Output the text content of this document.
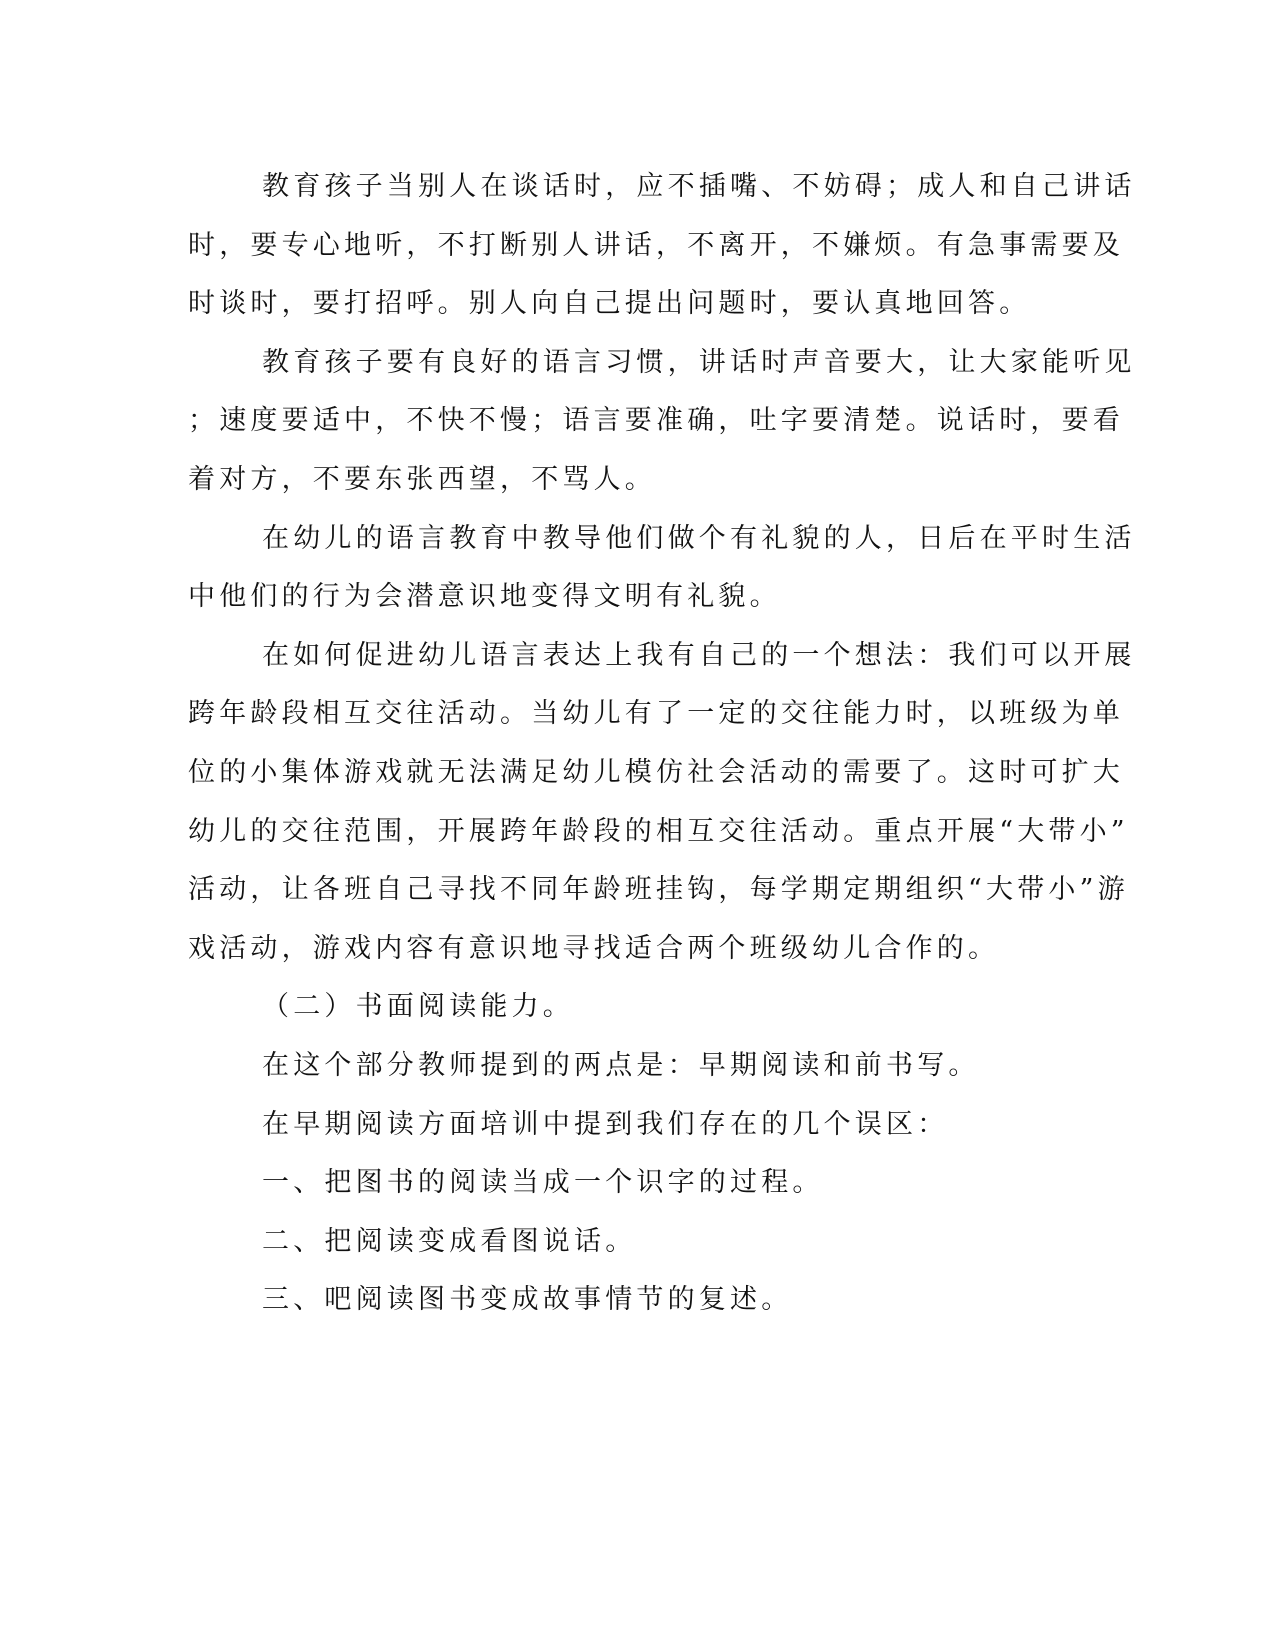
教育孩子当别人在谈话时，应不插嘴、不妨碍；成人和自己讲话
时，要专心地听，不打断别人讲话，不离开，不嫌烦。有急事需要及
时谈时，要打招呼。别人向自己提出问题时，要认真地回答。
教育孩子要有良好的语言习惯，讲话时声音要大，让大家能听见
；速度要适中，不快不慢；语言要准确，吐字要清楚。说话时，要看
着对方，不要东张西望，不骂人。
在幼儿的语言教育中教导他们做个有礼貌的人，日后在平时生活
中他们的行为会潜意识地变得文明有礼貌。
在如何促进幼儿语言表达上我有自己的一个想法：我们可以开展
跨年龄段相互交往活动。当幼儿有了一定的交往能力时，以班级为单
位的小集体游戏就无法满足幼儿模仿社会活动的需要了。这时可扩大
幼儿的交往范围，开展跨年龄段的相互交往活动。重点开展“大带小”
活动，让各班自己寻找不同年龄班挂钩，每学期定期组织“大带小”游
戏活动，游戏内容有意识地寻找适合两个班级幼儿合作的。
（二）书面阅读能力。
在这个部分教师提到的两点是：早期阅读和前书写。
在早期阅读方面培训中提到我们存在的几个误区：
一、把图书的阅读当成一个识字的过程。
二、把阅读变成看图说话。
三、吧阅读图书变成故事情节的复述。
